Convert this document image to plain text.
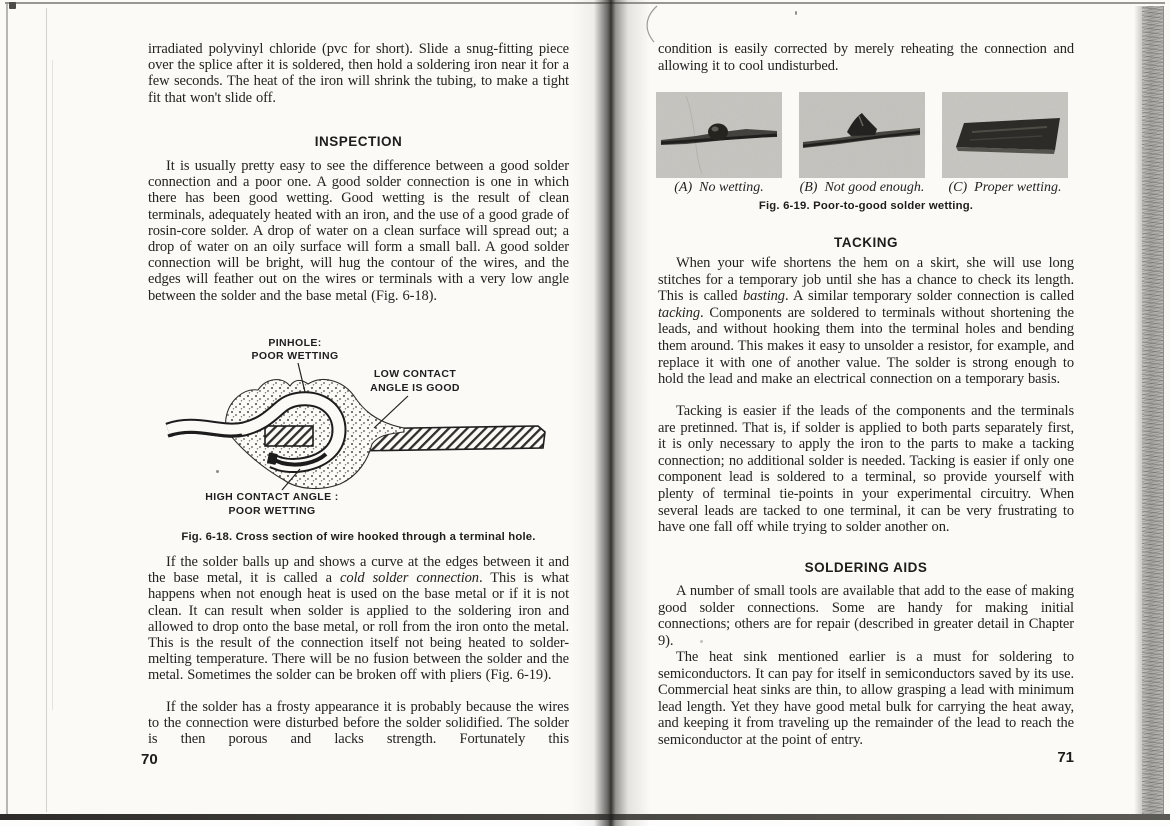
irradiated polyvinyl chloride (pvc for short). Slide a snug-fitting piece over the splice after it is soldered, then hold a soldering iron near it for a few seconds. The heat of the iron will shrink the tubing, to make a tight fit that won't slide off.

INSPECTION

It is usually pretty easy to see the difference between a good solder connection and a poor one. A good solder connection is one in which there has been good wetting. Good wetting is the result of clean terminals, adequately heated with an iron, and the use of a good grade of rosin-core solder. A drop of water on a clean surface will spread out; a drop of water on an oily surface will form a small ball. A good solder connection will be bright, will hug the contour of the wires, and the edges will feather out on the wires or terminals with a very low angle between the solder and the base metal (Fig. 6-18).

PINHOLE:
POOR WETTING
LOW CONTACT
ANGLE IS GOOD
HIGH CONTACT ANGLE :
POOR WETTING
Fig. 6-18. Cross section of wire hooked through a terminal hole.

If the solder balls up and shows a curve at the edges between it and the base metal, it is called a cold solder connection. This is what happens when not enough heat is used on the base metal or if it is not clean. It can result when solder is applied to the soldering iron and allowed to drop onto the base metal, or roll from the iron onto the metal. This is the result of the connection itself not being heated to solder-melting temperature. There will be no fusion between the solder and the metal. Sometimes the solder can be broken off with pliers (Fig. 6-19).

If the solder has a frosty appearance it is probably because the wires to the connection were disturbed before the solder solidified. The solder is then porous and lacks strength. Fortunately this

70

condition is easily corrected by merely reheating the connection and allowing it to cool undisturbed.

(A) No wetting.	(B) Not good enough.	(C) Proper wetting.
Fig. 6-19. Poor-to-good solder wetting.
TACKING

When your wife shortens the hem on a skirt, she will use long stitches for a temporary job until she has a chance to check its length. This is called basting. A similar temporary solder connection is called tacking. Components are soldered to terminals without shortening the leads, and without hooking them into the terminal holes and bending them around. This makes it easy to unsolder a resistor, for example, and replace it with one of another value. The solder is strong enough to hold the lead and make an electrical connection on a temporary basis.

Tacking is easier if the leads of the components and the terminals are pretinned. That is, if solder is applied to both parts separately first, it is only necessary to apply the iron to the parts to make a tacking connection; no additional solder is needed. Tacking is easier if only one component lead is soldered to a terminal, so provide yourself with plenty of terminal tie-points in your experimental circuitry. When several leads are tacked to one terminal, it can be very frustrating to have one fall off while trying to solder another on.

SOLDERING AIDS

A number of small tools are available that add to the ease of making good solder connections. Some are handy for making initial connections; others are for repair (described in greater detail in Chapter 9).

The heat sink mentioned earlier is a must for soldering to semiconductors. It can pay for itself in semiconductors saved by its use. Commercial heat sinks are thin, to allow grasping a lead with minimum lead length. Yet they have good metal bulk for carrying the heat away, and keeping it from traveling up the remainder of the lead to reach the semiconductor at the point of entry.

71
